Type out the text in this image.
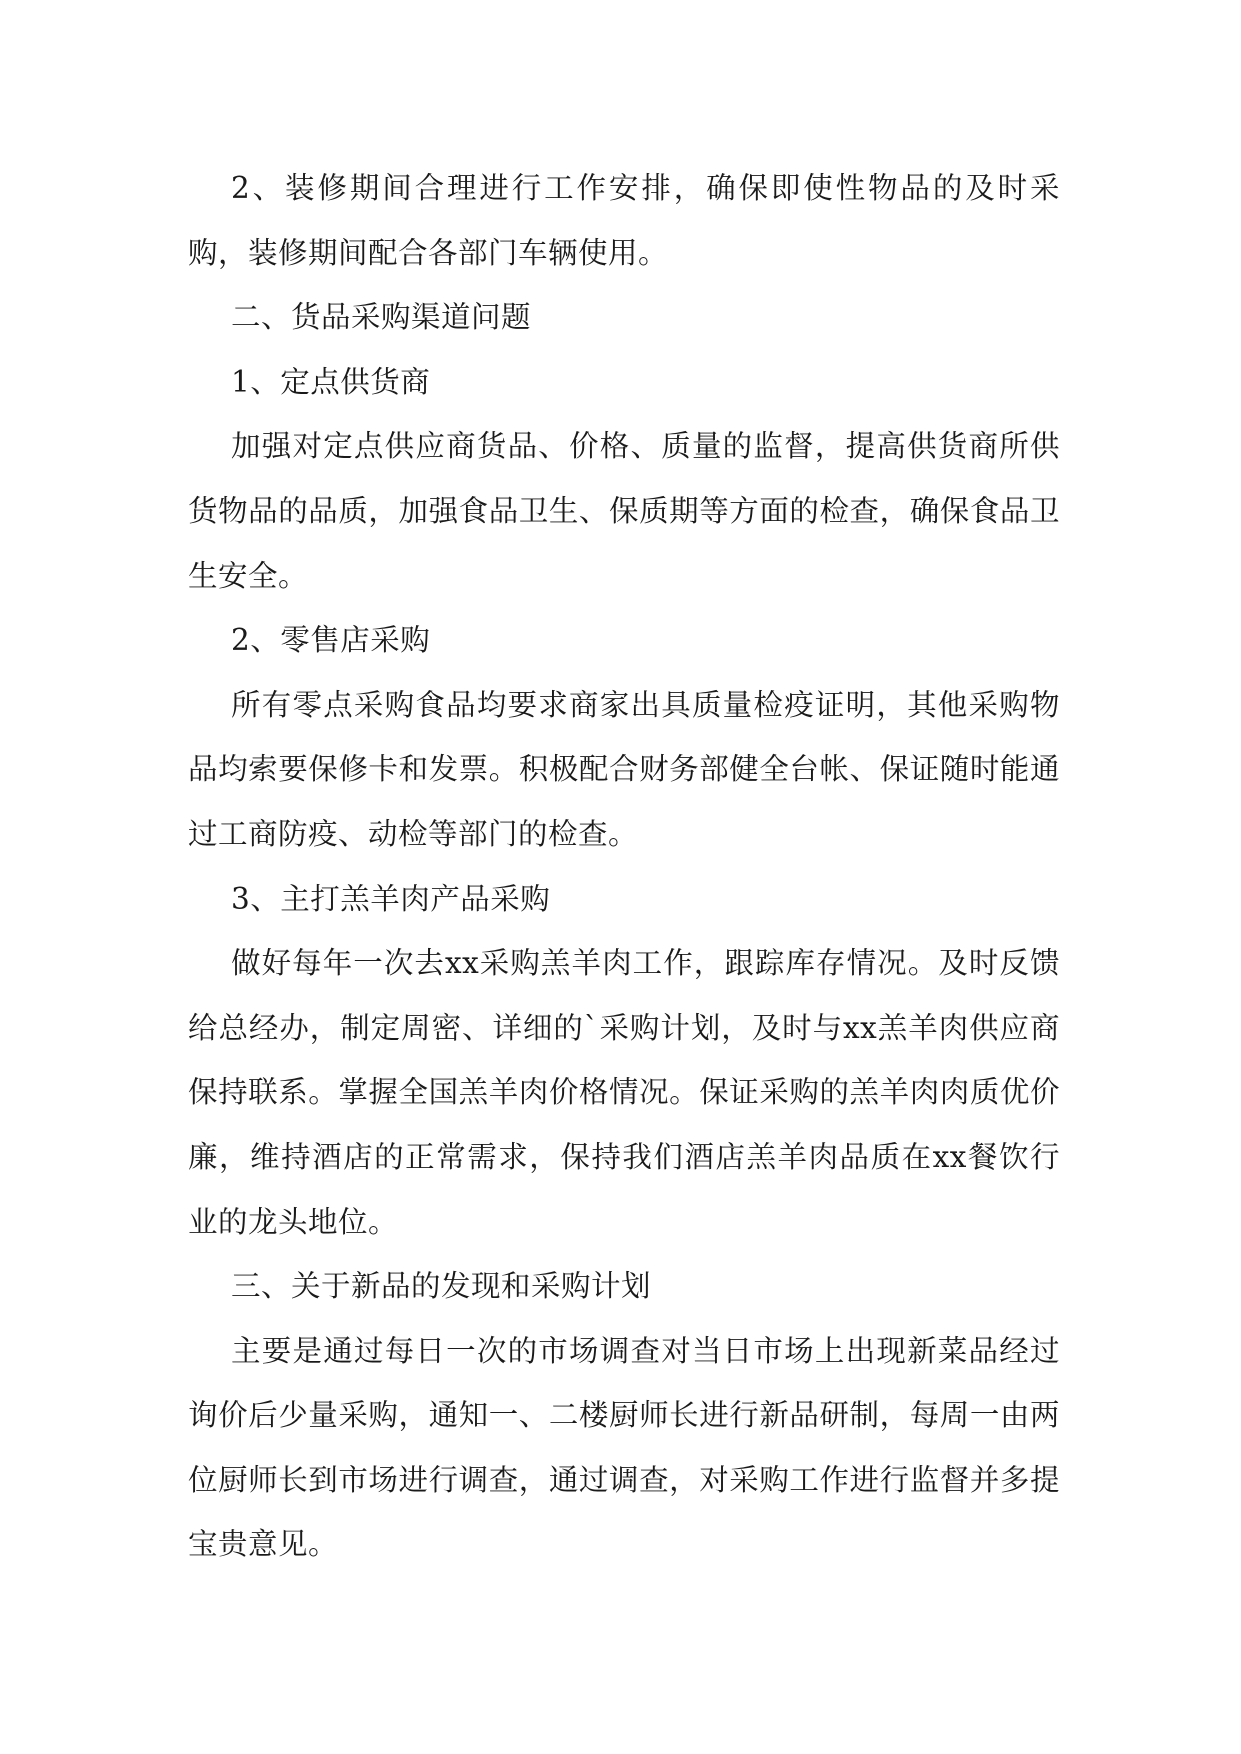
2、装修期间合理进行工作安排，确保即使性物品的及时采购，装修期间配合各部门车辆使用。

二、货品采购渠道问题

1、定点供货商

加强对定点供应商货品、价格、质量的监督，提高供货商所供货物品的品质，加强食品卫生、保质期等方面的检查，确保食品卫生安全。

2、零售店采购

所有零点采购食品均要求商家出具质量检疫证明，其他采购物品均索要保修卡和发票。积极配合财务部健全台帐、保证随时能通过工商防疫、动检等部门的检查。

3、主打羔羊肉产品采购

做好每年一次去xx采购羔羊肉工作，跟踪库存情况。及时反馈给总经办，制定周密、详细的`采购计划，及时与xx羔羊肉供应商保持联系。掌握全国羔羊肉价格情况。保证采购的羔羊肉肉质优价廉，维持酒店的正常需求，保持我们酒店羔羊肉品质在xx餐饮行业的龙头地位。

三、关于新品的发现和采购计划

主要是通过每日一次的市场调查对当日市场上出现新菜品经过询价后少量采购，通知一、二楼厨师长进行新品研制，每周一由两位厨师长到市场进行调查，通过调查，对采购工作进行监督并多提宝贵意见。
